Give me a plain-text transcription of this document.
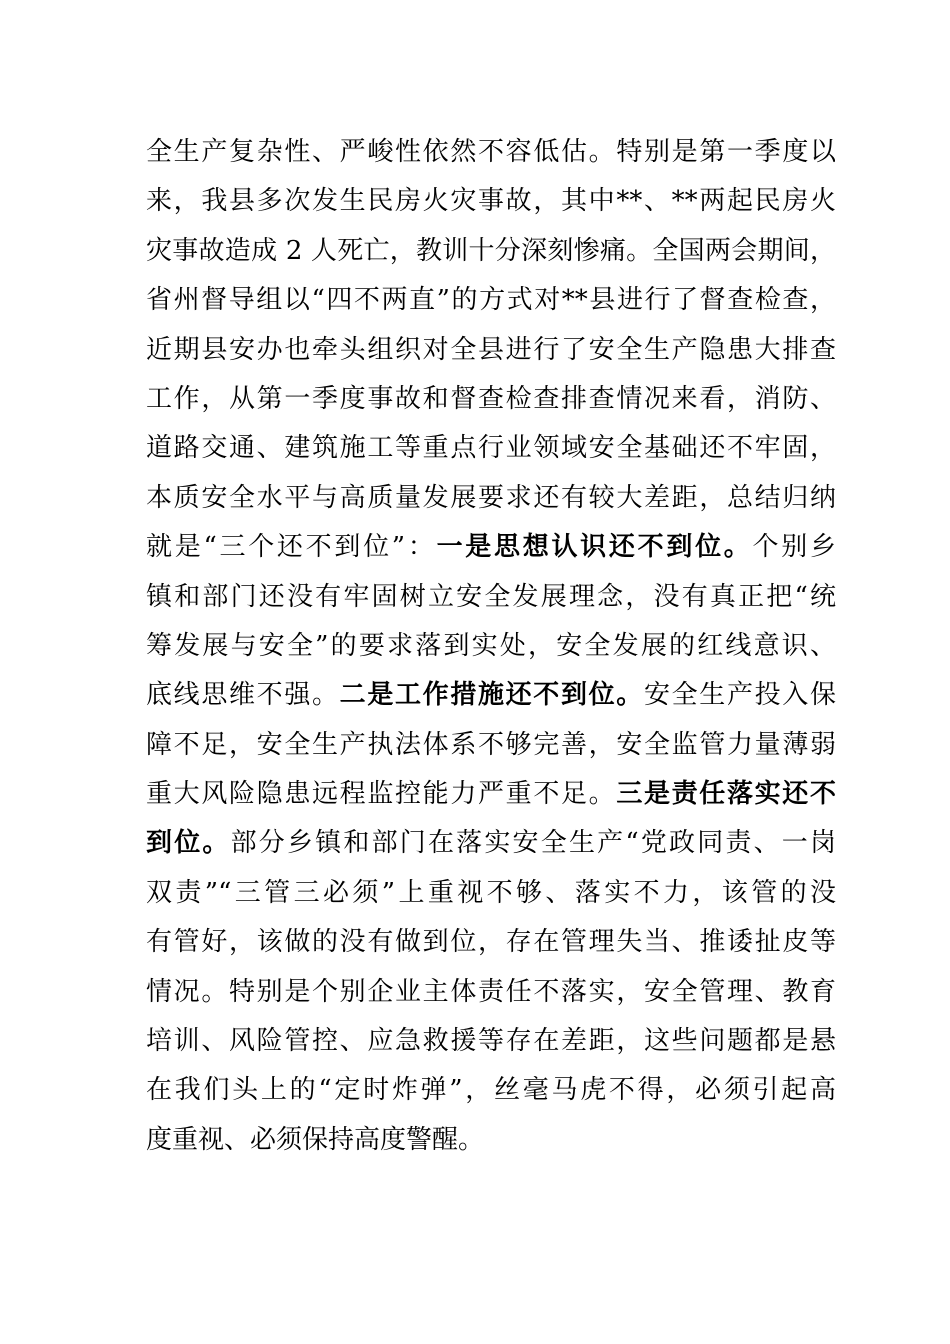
全生产复杂性、严峻性依然不容低估。特别是第一季度以
来，我县多次发生民房火灾事故，其中**、**两起民房火
灾事故造成 2 人死亡，教训十分深刻惨痛。全国两会期间，
省州督导组以“四不两直”的方式对**县进行了督查检查，
近期县安办也牵头组织对全县进行了安全生产隐患大排查
工作，从第一季度事故和督查检查排查情况来看，消防、
道路交通、建筑施工等重点行业领域安全基础还不牢固，
本质安全水平与高质量发展要求还有较大差距，总结归纳
就是“三个还不到位”：一是思想认识还不到位。个别乡
镇和部门还没有牢固树立安全发展理念，没有真正把“统
筹发展与安全”的要求落到实处，安全发展的红线意识、
底线思维不强。二是工作措施还不到位。安全生产投入保
障不足，安全生产执法体系不够完善，安全监管力量薄弱
重大风险隐患远程监控能力严重不足。三是责任落实还不
到位。部分乡镇和部门在落实安全生产“党政同责、一岗
双责”“三管三必须”上重视不够、落实不力，该管的没
有管好，该做的没有做到位，存在管理失当、推诿扯皮等
情况。特别是个别企业主体责任不落实，安全管理、教育
培训、风险管控、应急救援等存在差距，这些问题都是悬
在我们头上的“定时炸弹”，丝毫马虎不得，必须引起高
度重视、必须保持高度警醒。
